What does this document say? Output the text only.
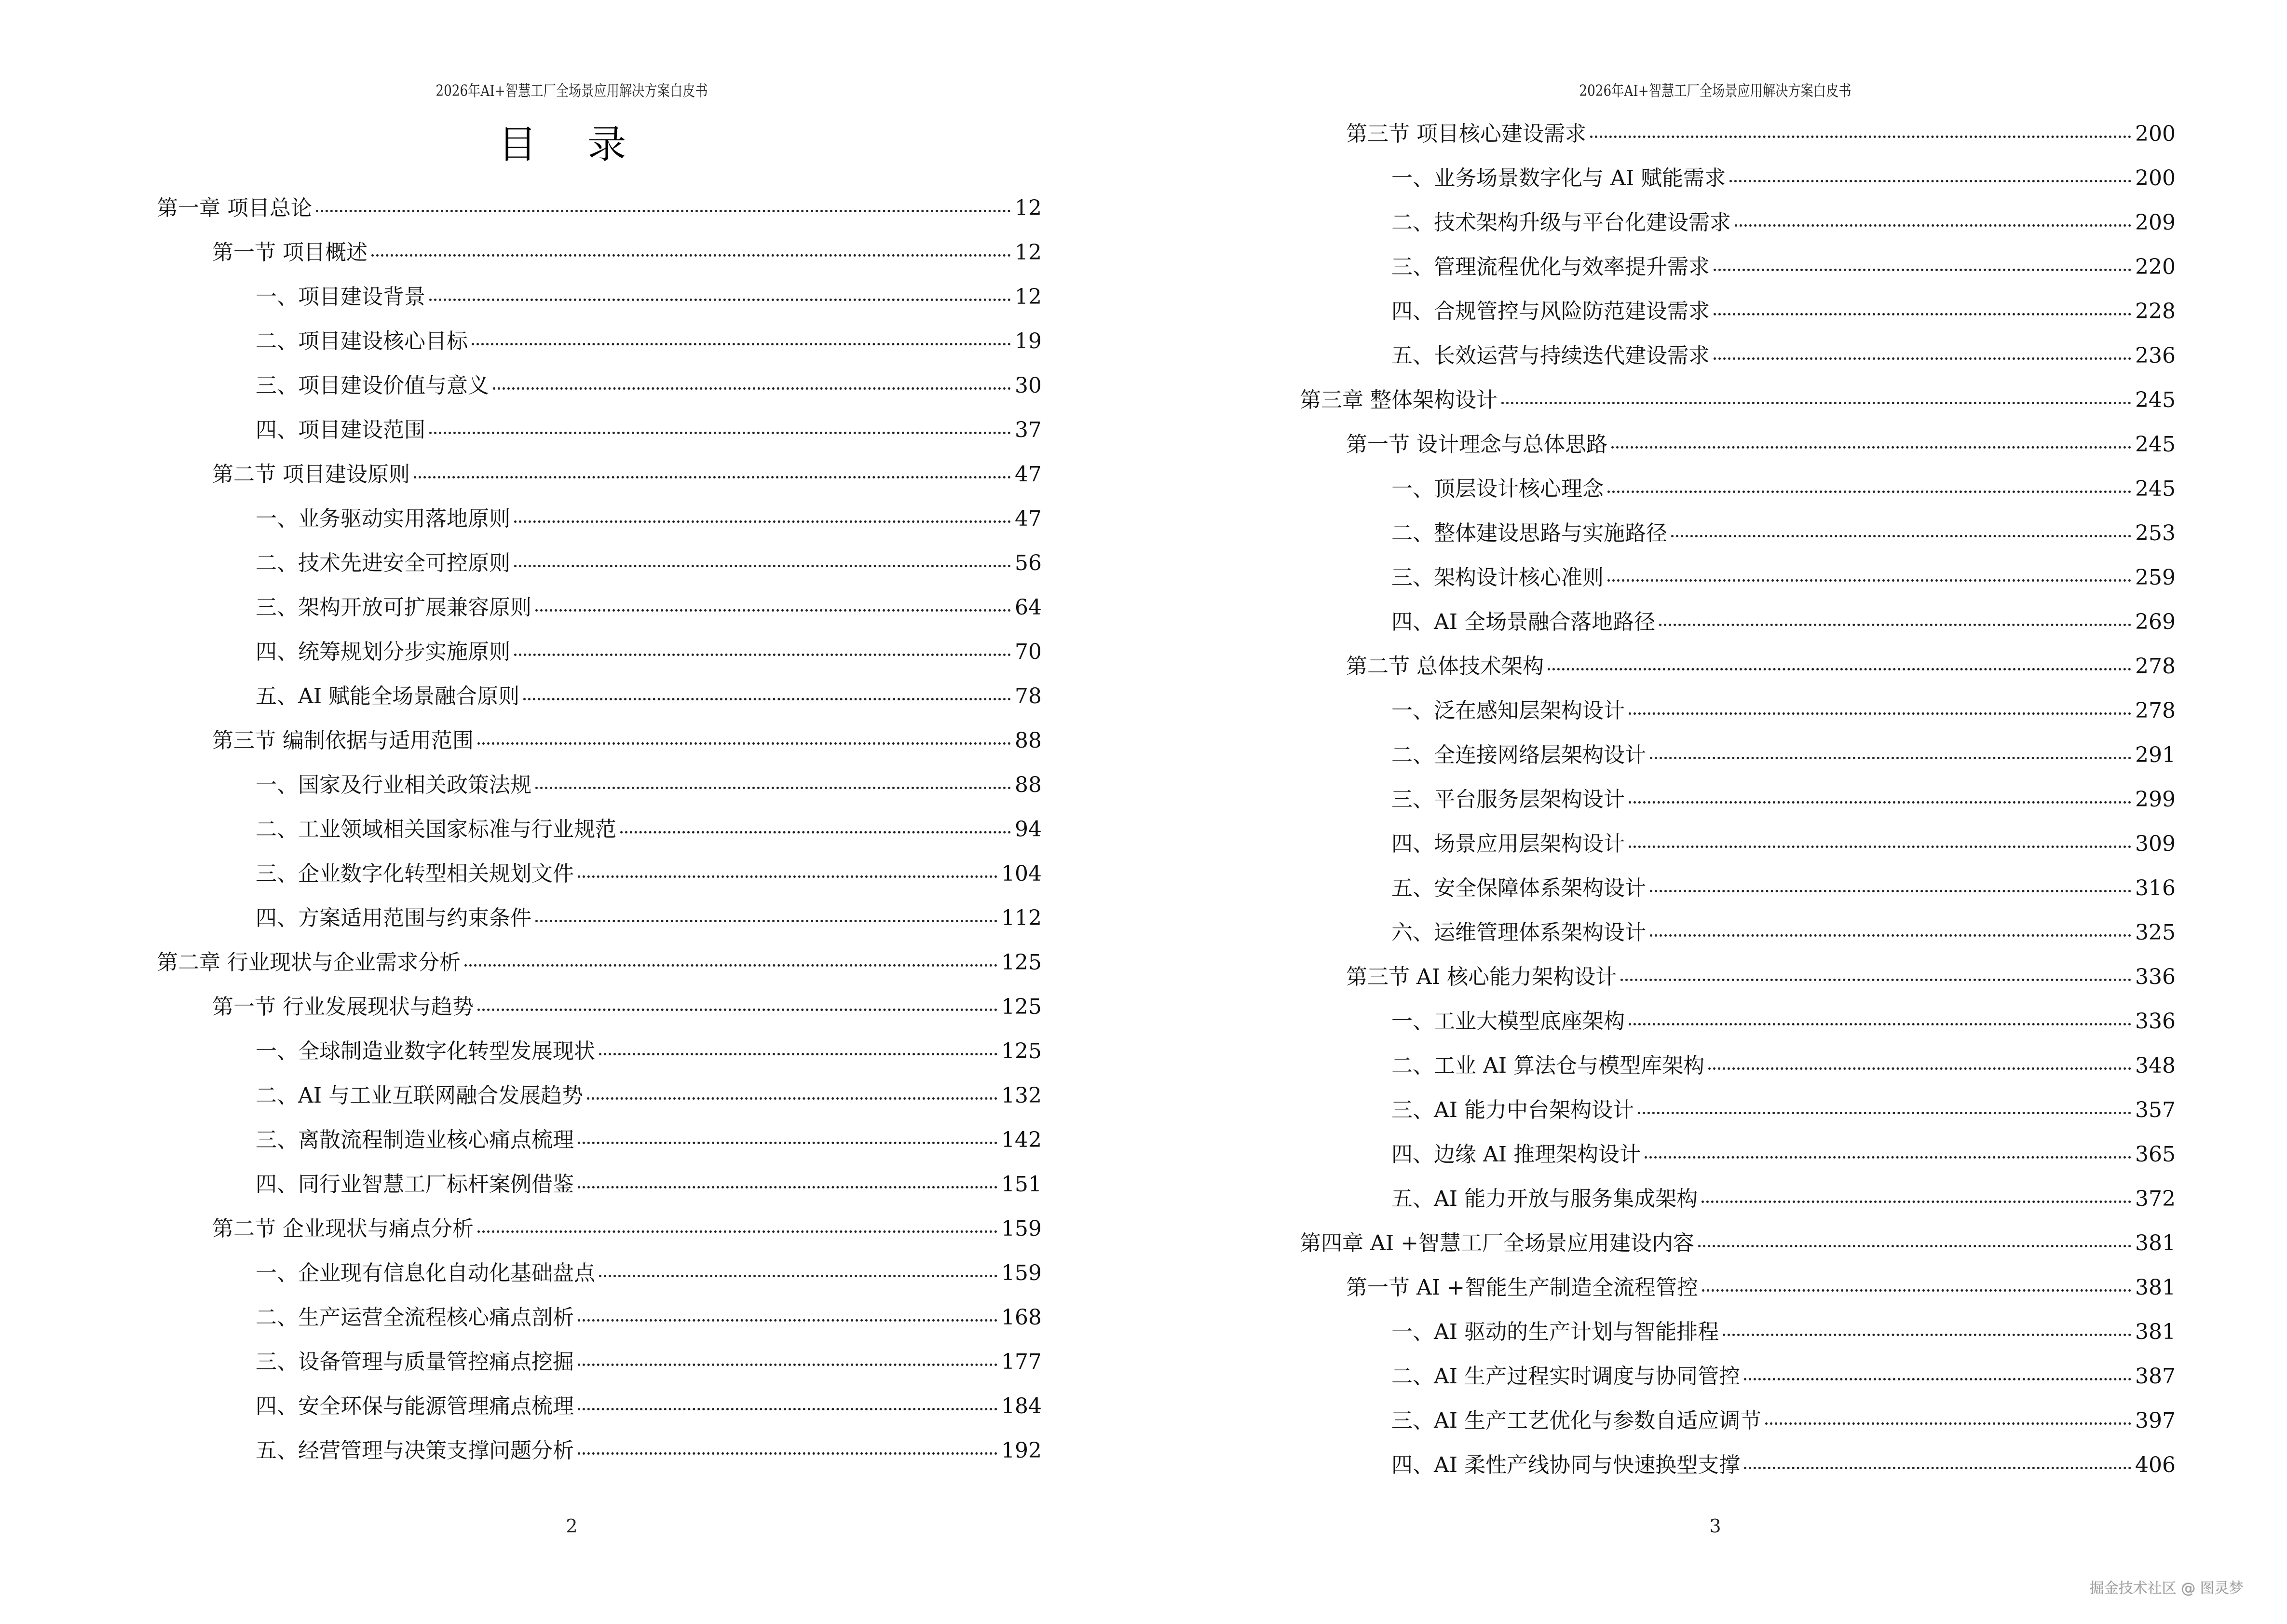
2026年AI+智慧工厂全场景应用解决方案白皮书
目 录
第一章 项目总论	12
第一节 项目概述	12
一、项目建设背景	12
二、项目建设核心目标	19
三、项目建设价值与意义	30
四、项目建设范围	37
第二节 项目建设原则	47
一、业务驱动实用落地原则	47
二、技术先进安全可控原则	56
三、架构开放可扩展兼容原则	64
四、统筹规划分步实施原则	70
五、AI 赋能全场景融合原则	78
第三节 编制依据与适用范围	88
一、国家及行业相关政策法规	88
二、工业领域相关国家标准与行业规范	94
三、企业数字化转型相关规划文件	104
四、方案适用范围与约束条件	112
第二章 行业现状与企业需求分析	125
第一节 行业发展现状与趋势	125
一、全球制造业数字化转型发展现状	125
二、AI 与工业互联网融合发展趋势	132
三、离散流程制造业核心痛点梳理	142
四、同行业智慧工厂标杆案例借鉴	151
第二节 企业现状与痛点分析	159
一、企业现有信息化自动化基础盘点	159
二、生产运营全流程核心痛点剖析	168
三、设备管理与质量管控痛点挖掘	177
四、安全环保与能源管理痛点梳理	184
五、经营管理与决策支撑问题分析	192
2
2026年AI+智慧工厂全场景应用解决方案白皮书
第三节 项目核心建设需求	200
一、业务场景数字化与 AI 赋能需求	200
二、技术架构升级与平台化建设需求	209
三、管理流程优化与效率提升需求	220
四、合规管控与风险防范建设需求	228
五、长效运营与持续迭代建设需求	236
第三章 整体架构设计	245
第一节 设计理念与总体思路	245
一、顶层设计核心理念	245
二、整体建设思路与实施路径	253
三、架构设计核心准则	259
四、AI 全场景融合落地路径	269
第二节 总体技术架构	278
一、泛在感知层架构设计	278
二、全连接网络层架构设计	291
三、平台服务层架构设计	299
四、场景应用层架构设计	309
五、安全保障体系架构设计	316
六、运维管理体系架构设计	325
第三节 AI 核心能力架构设计	336
一、工业大模型底座架构	336
二、工业 AI 算法仓与模型库架构	348
三、AI 能力中台架构设计	357
四、边缘 AI 推理架构设计	365
五、AI 能力开放与服务集成架构	372
第四章 AI +智慧工厂全场景应用建设内容	381
第一节 AI +智能生产制造全流程管控	381
一、AI 驱动的生产计划与智能排程	381
二、AI 生产过程实时调度与协同管控	387
三、AI 生产工艺优化与参数自适应调节	397
四、AI 柔性产线协同与快速换型支撑	406
3
掘金技术社区 @ 图灵梦
